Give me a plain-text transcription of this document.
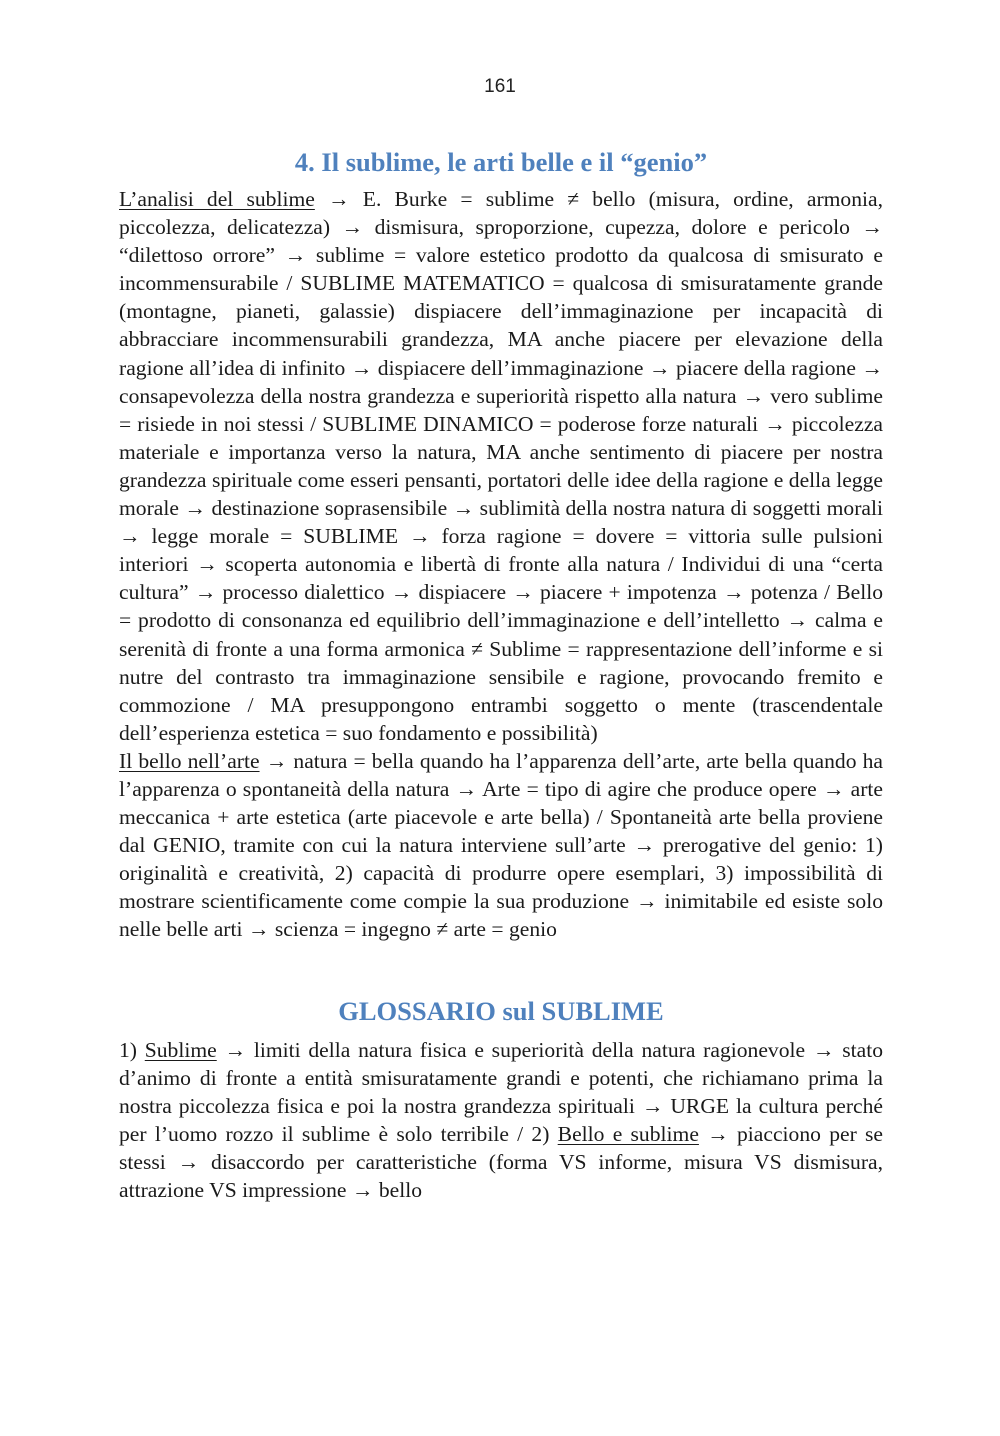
161
4. Il sublime, le arti belle e il “genio”

L’analisi del sublime → E. Burke = sublime ≠ bello (misura, ordine, armonia, piccolezza, delicatezza) → dismisura, sproporzione, cupezza, dolore e pericolo → “dilettoso orrore” → sublime = valore estetico prodotto da qualcosa di smisurato e incommensurabile / SUBLIME MATEMATICO = qualcosa di smisuratamente grande (montagne, pianeti, galassie) dispiacere dell’immaginazione per incapacità di abbracciare incommensurabili grandezza, MA anche piacere per elevazione della ragione all’idea di infinito → dispiacere dell’immaginazione → piacere della ragione → consapevolezza della nostra grandezza e superiorità rispetto alla natura → vero sublime = risiede in noi stessi / SUBLIME DINAMICO = poderose forze naturali → piccolezza materiale e importanza verso la natura, MA anche sentimento di piacere per nostra grandezza spirituale come esseri pensanti, portatori delle idee della ragione e della legge morale → destinazione soprasensibile → sublimità della nostra natura di soggetti morali → legge morale = SUBLIME → forza ragione = dovere = vittoria sulle pulsioni interiori → scoperta autonomia e libertà di fronte alla natura / Individui di una “certa cultura” → processo dialettico → dispiacere → piacere + impotenza → potenza / Bello = prodotto di consonanza ed equilibrio dell’immaginazione e dell’intelletto → calma e serenità di fronte a una forma armonica ≠ Sublime = rappresentazione dell’informe e si nutre del contrasto tra immaginazione sensibile e ragione, provocando fremito e commozione / MA presuppongono entrambi soggetto o mente (trascendentale dell’esperienza estetica = suo fondamento e possibilità)

Il bello nell’arte → natura = bella quando ha l’apparenza dell’arte, arte bella quando ha l’apparenza o spontaneità della natura → Arte = tipo di agire che produce opere → arte meccanica + arte estetica (arte piacevole e arte bella) / Spontaneità arte bella proviene dal GENIO, tramite con cui la natura interviene sull’arte → prerogative del genio: 1) originalità e creatività, 2) capacità di produrre opere esemplari, 3) impossibilità di mostrare scientificamente come compie la sua produzione → inimitabile ed esiste solo nelle belle arti → scienza = ingegno ≠ arte = genio

GLOSSARIO sul SUBLIME

1) Sublime → limiti della natura fisica e superiorità della natura ragionevole → stato d’animo di fronte a entità smisuratamente grandi e potenti, che richiamano prima la nostra piccolezza fisica e poi la nostra grandezza spirituali → URGE la cultura perché per l’uomo rozzo il sublime è solo terribile / 2) Bello e sublime → piacciono per se stessi → disaccordo per caratteristiche (forma VS informe, misura VS dismisura, attrazione VS impressione → bello
